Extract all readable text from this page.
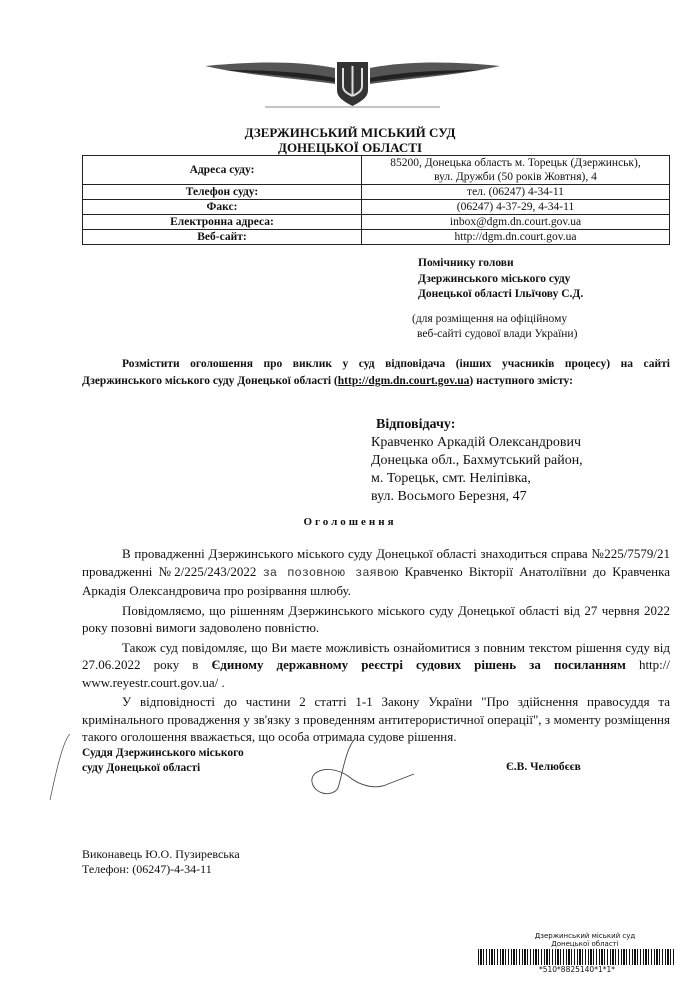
ДЗЕРЖИНСЬКИЙ МІСЬКИЙ СУД
ДОНЕЦЬКОЇ ОБЛАСТІ
Адреса суду:	85200, Донецька область м. Торецьк (Дзержинськ),
вул. Дружби (50 років Жовтня), 4

Телефон суду:	тел. (06247) 4-34-11
Факс:	(06247) 4-37-29, 4-34-11
Електронна адреса:	inbox@dgm.dn.court.gov.ua
Веб-сайт:	http://dgm.dn.court.gov.ua
Помічнику голови
Дзержинського міського суду
Донецької області Ільїчову С.Д.
(для розміщення на офіційному
веб-сайті судової влади України)

Розмістити оголошення про виклик у суд відповідача (інших учасників процесу) на сайті

Дзержинського міського суду Донецької області (http://dgm.dn.court.gov.ua) наступного змісту:

Відповідачу:
Кравченко Аркадій Олександрович
Донецька обл., Бахмутський район,
м. Торецьк, смт. Неліпівка,
вул. Восьмого Березня, 47
Оголошення

В провадженні Дзержинського міського суду Донецької області знаходиться справа №225/7579/21 провадженні №2/225/243/2022 за позовною заявою Кравченко Вікторії Анатоліївни до Кравченка Аркадія Олександровича про розірвання шлюбу.

Повідомляємо, що рішенням Дзержинського міського суду Донецької області від 27 червня 2022 року позовні вимоги задоволено повністю.

Також суд повідомляє, що Ви маєте можливість ознайомитися з повним текстом рішення суду від 27.06.2022 року в Єдиному державному реєстрі судових рішень за посиланням http:// www.reyestr.court.gov.ua/ .

У відповідності до частини 2 статті 1-1 Закону України "Про здійснення правосуддя та кримінального провадження у зв'язку з проведенням антитерористичної операції", з моменту розміщення такого оголошення вважається, що особа отримала судове рішення.

Суддя Дзержинського міського
суду Донецької області	Є.В. Челюбєєв
Виконавець Ю.О. Пузиревська
Телефон: (06247)-4-34-11
Дзержинський міський суд
Донецької області
*510*8825140*1*1*
